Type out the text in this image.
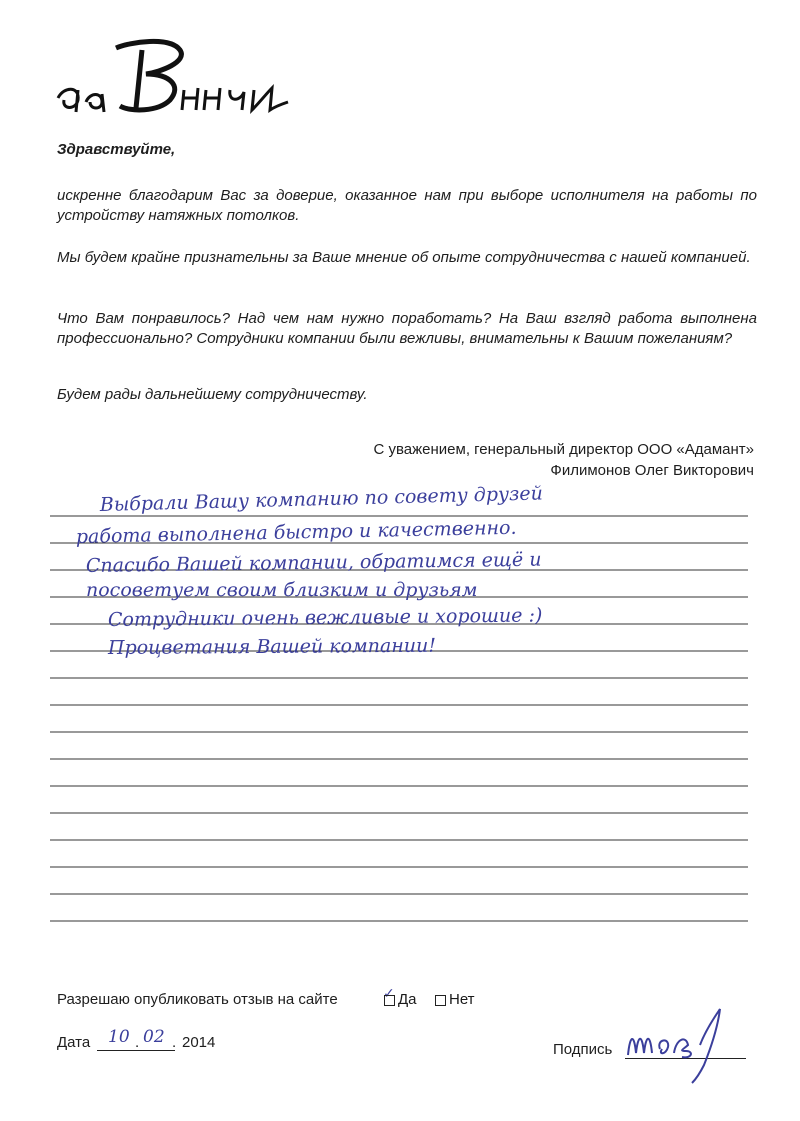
Здравствуйте,
искренне благодарим Вас за доверие, оказанное нам при выборе исполнителя на работы по устройству натяжных потолков.
Мы будем крайне признательны за Ваше мнение об опыте сотрудничества с нашей компанией.
Что Вам понравилось? Над чем нам нужно поработать? На Ваш взгляд работа выполнена профессионально? Сотрудники компании были вежливы, внимательны к Вашим пожеланиям?
Будем рады дальнейшему сотрудничеству.
С уважением, генеральный директор ООО «Адамант»
Филимонов Олег Викторович
Выбрали Вашу компанию по совету друзей
работа выполнена быстро и качественно.
Спасибо Вашей компании, обратимся ещё и
посоветуем своим близким и друзьям
Сотрудники очень вежливые и хорошие :)
Процветания Вашей компании!
Разрешаю опубликовать отзыв на сайте	✓ Да	Нет
Дата 10 . 02 . 2014	Подпись
